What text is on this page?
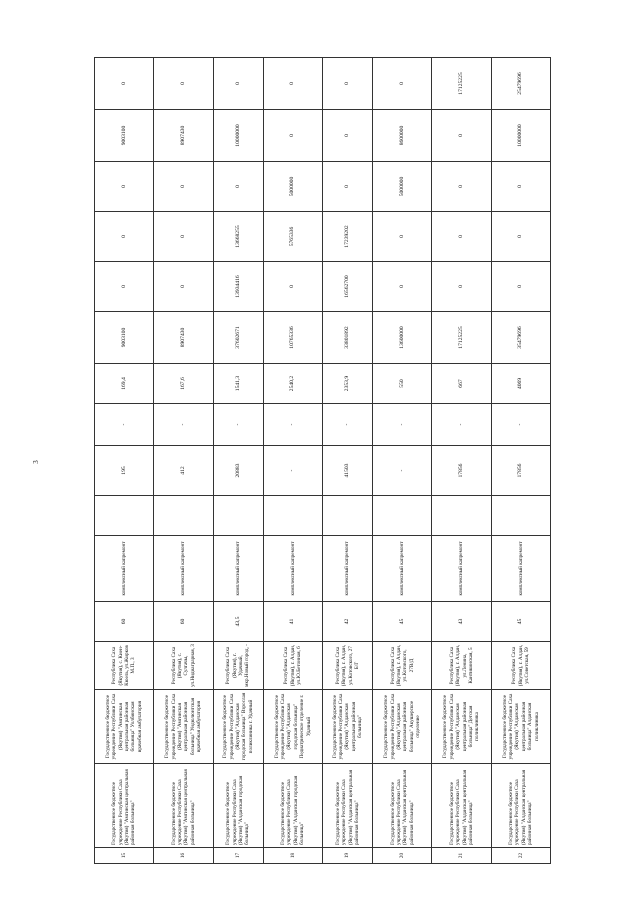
3
15	Государственное бюджетное учреждение Республики Саха (Якутия) "Амгинская центральная районная больница"	Государственное бюджетное учреждение Республики Саха (Якутия) "Амгинская центральная районная больница" Уолбинская врачебная амбулатория	Республика Саха (Якутия), с. Киен-Кюель, ул.Жирков М.П., 3	60	комплексный капремонт		195	-	169,4	9003100	0	0	0	9003100	0
16	Государственное бюджетное учреждение Республики Саха (Якутия) "Амгинская центральная районная больница"	Государственное бюджетное учреждение Республики Саха (Якутия) "Амгинская центральная районная больница" Ундюлюнгская врачебная амбулатория	Республика Саха (Якутия), с. Сулгачы, ул.Нидиаграрная, 3	60	комплексный капремонт		412	-	167,6	8907430	0	0	0	8907430	0
17	Государственное бюджетное учреждение Республики Саха (Якутия) "Алданская городская больница"	Государственное бюджетное учреждение Республики Саха (Якутия) "Алданская городская больница" Взрослая поликлиника г. Удачный	Республика Саха (Якутия), г. Удачный, мкр.Новый город, -	43,5	комплексный капремонт		20883	-	1541,3	37602671	13934416	13668255	0	10000000	0
18	Государственное бюджетное учреждение Республики Саха (Якутия) "Алданская городская больница"	Государственное бюджетное учреждение Республики Саха (Якутия) "Алданская городская больница" Педиатрическое отделение г. Удачный	Республика Саха (Якутия), г. Алдан, ул.Ю.Бетонная, 6	41	комплексный капремонт		-	-	2540,2	10765336	0	5765336	5000000	0	0
19	Государственное бюджетное учреждение Республики Саха (Якутия) "Алданская центральная районная больница"	Государственное бюджетное учреждение Республики Саха (Якутия) "Алданская центральная районная больница"	Республика Саха (Якутия), г. Алдан, ул.Котовского, 27 Б/Г	42	комплексный капремонт		41503	-	2353,9	33801892	16562700	17239202	0	0	0
20	Государственное бюджетное учреждение Республики Саха (Якутия) "Алданская центральная районная больница"	Государственное бюджетное учреждение Республики Саха (Якутия) "Алданская центральная районная больница" Акушерское отделение	Республика Саха (Якутия), г. Алдан, ул.Котовского, 27В/Д	45	комплексный капремонт		-	-	550	13600000	0	0	5000000	8600000	0
21	Государственное бюджетное учреждение Республики Саха (Якутия) "Алданская центральная районная больница"	Государственное бюджетное учреждение Республики Саха (Якутия) "Алданская центральная районная больница" Детская поликлиника	Республика Саха (Якутия), г. Алдан, ул.Ленина, Кантикинская, 5	43	комплексный капремонт		17856	-	667	17125225	0	0	0	0	17125225
22	Государственное бюджетное учреждение Республики Саха (Якутия) "Алданская центральная районная больница"	Государственное бюджетное учреждение Республики Саха (Якутия) "Алданская центральная районная больница" Алданская поликлиника	Республика Саха (Якутия), г. Алдан, ул.Советская, 59	45	комплексный капремонт		17856	-	4069	35479696	0	0	0	10000000	25479696
